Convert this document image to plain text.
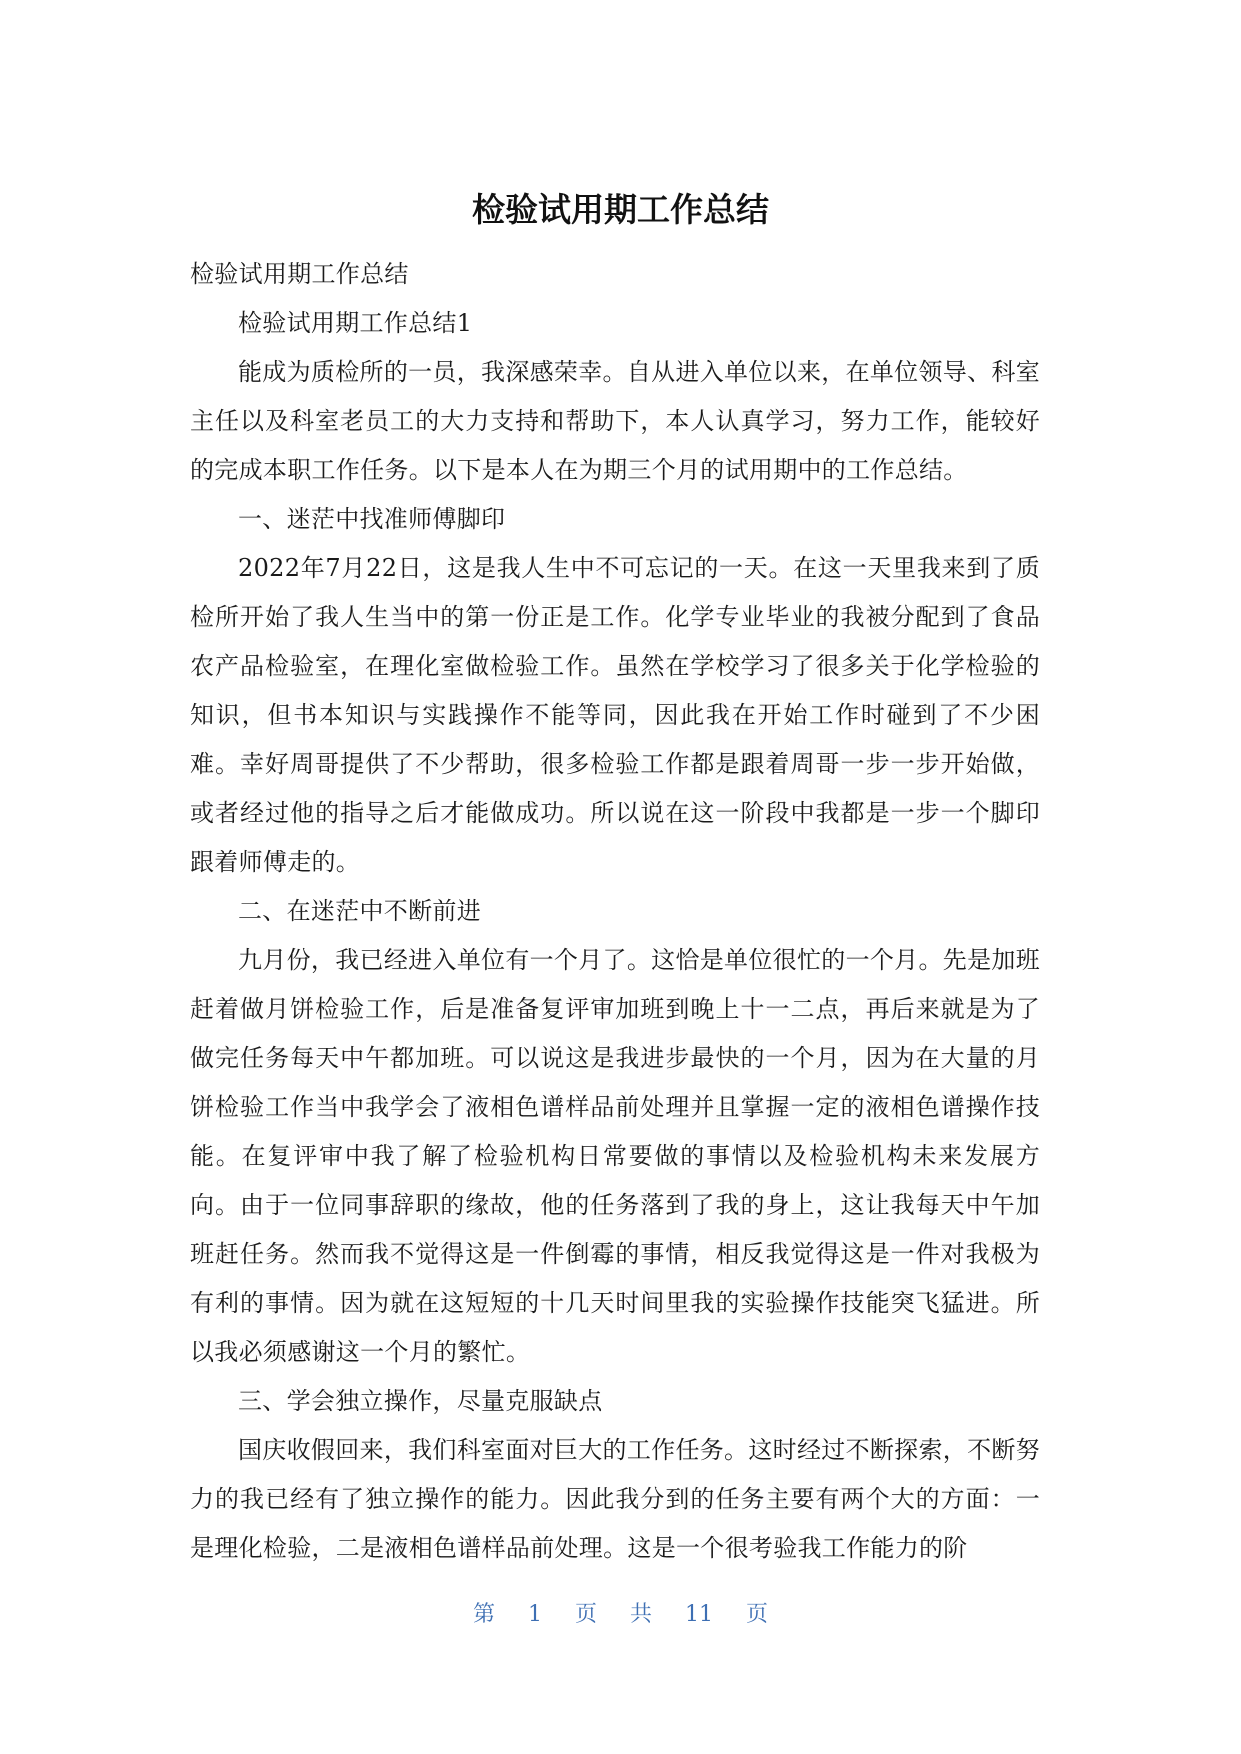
检验试用期工作总结

检验试用期工作总结

检验试用期工作总结1

能成为质检所的一员，我深感荣幸。自从进入单位以来，在单位领导、科室主任以及科室老员工的大力支持和帮助下，本人认真学习，努力工作，能较好的完成本职工作任务。以下是本人在为期三个月的试用期中的工作总结。

一、迷茫中找准师傅脚印

2022年7月22日，这是我人生中不可忘记的一天。在这一天里我来到了质检所开始了我人生当中的第一份正是工作。化学专业毕业的我被分配到了食品农产品检验室，在理化室做检验工作。虽然在学校学习了很多关于化学检验的知识，但书本知识与实践操作不能等同，因此我在开始工作时碰到了不少困难。幸好周哥提供了不少帮助，很多检验工作都是跟着周哥一步一步开始做，或者经过他的指导之后才能做成功。所以说在这一阶段中我都是一步一个脚印跟着师傅走的。

二、在迷茫中不断前进

九月份，我已经进入单位有一个月了。这恰是单位很忙的一个月。先是加班赶着做月饼检验工作，后是准备复评审加班到晚上十一二点，再后来就是为了做完任务每天中午都加班。可以说这是我进步最快的一个月，因为在大量的月饼检验工作当中我学会了液相色谱样品前处理并且掌握一定的液相色谱操作技能。在复评审中我了解了检验机构日常要做的事情以及检验机构未来发展方向。由于一位同事辞职的缘故，他的任务落到了我的身上，这让我每天中午加班赶任务。然而我不觉得这是一件倒霉的事情，相反我觉得这是一件对我极为有利的事情。因为就在这短短的十几天时间里我的实验操作技能突飞猛进。所以我必须感谢这一个月的繁忙。

三、学会独立操作，尽量克服缺点

国庆收假回来，我们科室面对巨大的工作任务。这时经过不断探索，不断努力的我已经有了独立操作的能力。因此我分到的任务主要有两个大的方面：一是理化检验，二是液相色谱样品前处理。这是一个很考验我工作能力的阶

第 1 页 共 11 页
